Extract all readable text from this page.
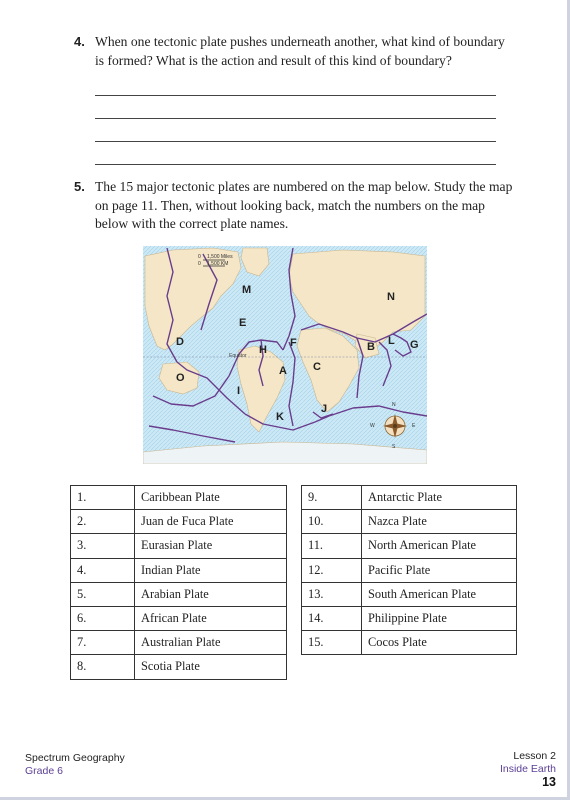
4. When one tectonic plate pushes underneath another, what kind of boundary is formed? What is the action and result of this kind of boundary?
5. The 15 major tectonic plates are numbered on the map below. Study the map on page 11. Then, without looking back, match the numbers on the map below with the correct plate names.
0 1,500 Miles
0 1,500 KM
Equator
M
N
E
D
H
F	B L G
O
A C
I
K
J	N
S
W	E
1.	Caribbean Plate
2.	Juan de Fuca Plate
3.	Eurasian Plate
4.	Indian Plate
5.	Arabian Plate
6.	African Plate
7.	Australian Plate
8.	Scotia Plate
9.	Antarctic Plate
10.	Nazca Plate
11.	North American Plate
12.	Pacific Plate
13.	South American Plate
14.	Philippine Plate
15.	Cocos Plate
Spectrum Geography
Grade 6
Lesson 2
Inside Earth
13
